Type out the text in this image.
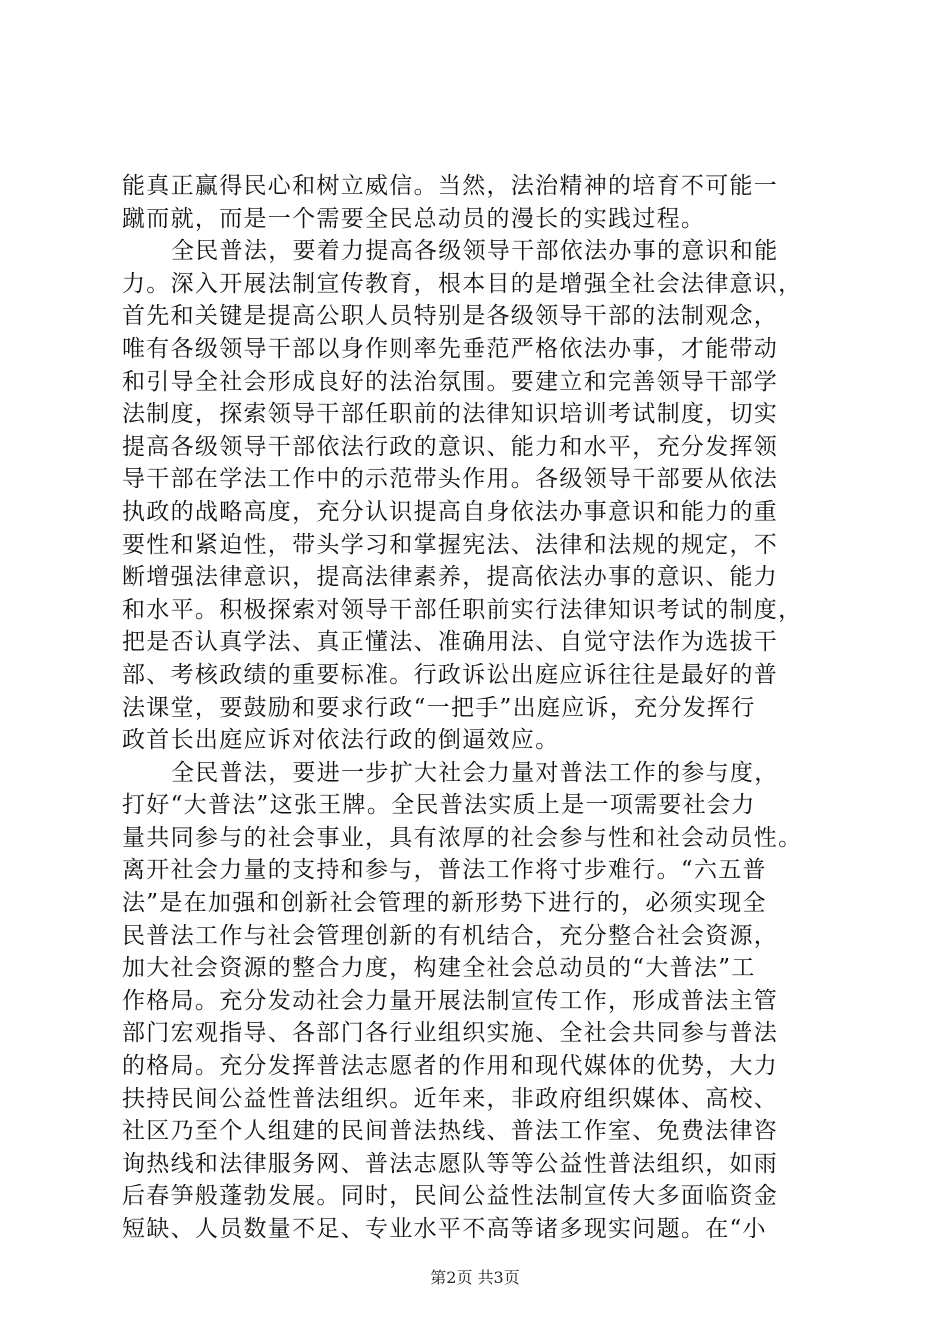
能真正赢得民心和树立威信。当然，法治精神的培育不可能一
蹴而就，而是一个需要全民总动员的漫长的实践过程。
全民普法，要着力提高各级领导干部依法办事的意识和能
力。深入开展法制宣传教育，根本目的是增强全社会法律意识，
首先和关键是提高公职人员特别是各级领导干部的法制观念，
唯有各级领导干部以身作则率先垂范严格依法办事，才能带动
和引导全社会形成良好的法治氛围。要建立和完善领导干部学
法制度，探索领导干部任职前的法律知识培训考试制度，切实
提高各级领导干部依法行政的意识、能力和水平，充分发挥领
导干部在学法工作中的示范带头作用。各级领导干部要从依法
执政的战略高度，充分认识提高自身依法办事意识和能力的重
要性和紧迫性，带头学习和掌握宪法、法律和法规的规定，不
断增强法律意识，提高法律素养，提高依法办事的意识、能力
和水平。积极探索对领导干部任职前实行法律知识考试的制度，
把是否认真学法、真正懂法、准确用法、自觉守法作为选拔干
部、考核政绩的重要标准。行政诉讼出庭应诉往往是最好的普
法课堂，要鼓励和要求行政“一把手”出庭应诉，充分发挥行
政首长出庭应诉对依法行政的倒逼效应。
全民普法，要进一步扩大社会力量对普法工作的参与度，
打好“大普法”这张王牌。全民普法实质上是一项需要社会力
量共同参与的社会事业，具有浓厚的社会参与性和社会动员性。
离开社会力量的支持和参与，普法工作将寸步难行。“六五普
法”是在加强和创新社会管理的新形势下进行的，必须实现全
民普法工作与社会管理创新的有机结合，充分整合社会资源，
加大社会资源的整合力度，构建全社会总动员的“大普法”工
作格局。充分发动社会力量开展法制宣传工作，形成普法主管
部门宏观指导、各部门各行业组织实施、全社会共同参与普法
的格局。充分发挥普法志愿者的作用和现代媒体的优势，大力
扶持民间公益性普法组织。近年来，非政府组织媒体、高校、
社区乃至个人组建的民间普法热线、普法工作室、免费法律咨
询热线和法律服务网、普法志愿队等等公益性普法组织，如雨
后春笋般蓬勃发展。同时，民间公益性法制宣传大多面临资金
短缺、人员数量不足、专业水平不高等诸多现实问题。在“小
第2页 共3页
